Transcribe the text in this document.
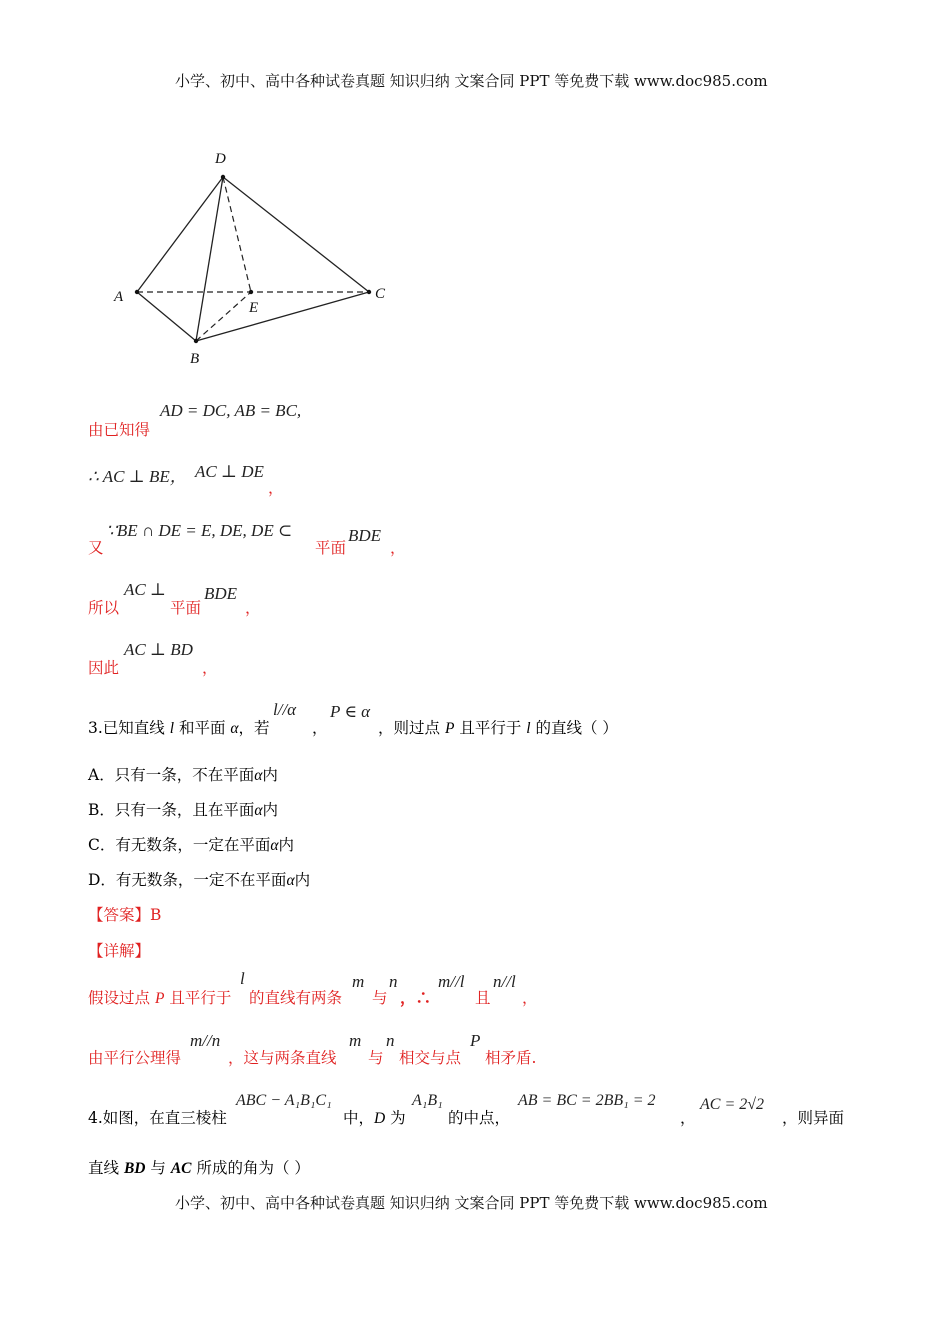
小学、初中、高中各种试卷真题 知识归纳 文案合同 PPT 等免费下载 www.doc985.com
D
A
E
C
B
由已知得
AD = DC, AB = BC,
∴ AC ⊥ BE， AC ⊥ DE
，
又
∵BE ∩ DE = E, DE, DE ⊂
平面
BDE
，
所以
AC ⊥
平面
BDE
，
因此
AC ⊥ BD
，
3.已知直线 l 和平面 α，若
l//α
，
P ∈ α
，则过点 P 且平行于 l 的直线（ ）
A．只有一条，不在平面α内
B．只有一条，且在平面α内
C．有无数条，一定在平面α内
D．有无数条，一定不在平面α内
【答案】B
【详解】
假设过点 P 且平行于
l
的直线有两条
m
与
n
，∴
m//l
且
n//l
，
由平行公理得
m//n
，这与两条直线
m
与
n
相交与点
P
相矛盾.
4.如图，在直三棱柱
ABC − A₁B₁C₁
中，D 为
A₁B₁
的中点，
AB = BC = 2BB₁ = 2
，
AC = 2√2
，则异面
直线 BD 与 AC 所成的角为（ ）
小学、初中、高中各种试卷真题 知识归纳 文案合同 PPT 等免费下载 www.doc985.com
